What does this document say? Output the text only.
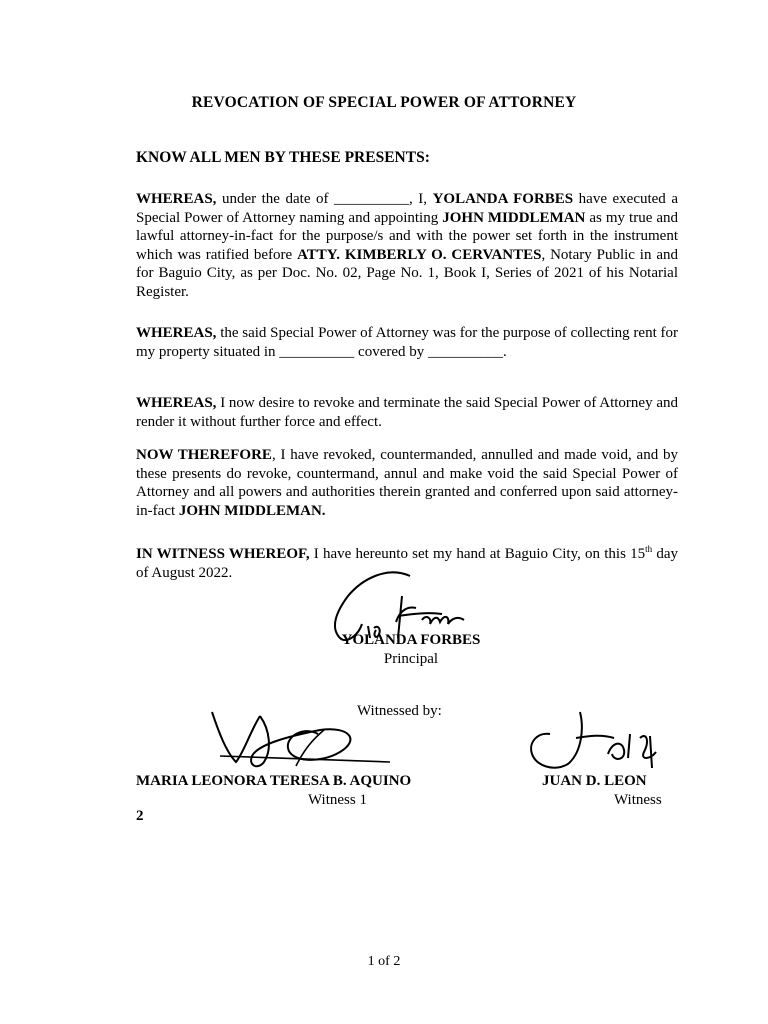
REVOCATION OF SPECIAL POWER OF ATTORNEY
KNOW ALL MEN BY THESE PRESENTS:

WHEREAS, under the date of __________, I, YOLANDA FORBES have executed a Special Power of Attorney naming and appointing JOHN MIDDLEMAN as my true and lawful attorney-in-fact for the purpose/s and with the power set forth in the instrument which was ratified before ATTY. KIMBERLY O. CERVANTES, Notary Public in and for Baguio City, as per Doc. No. 02, Page No. 1, Book I, Series of 2021 of his Notarial Register.

WHEREAS, the said Special Power of Attorney was for the purpose of collecting rent for my property situated in __________ covered by __________.

WHEREAS, I now desire to revoke and terminate the said Special Power of Attorney and render it without further force and effect.

NOW THEREFORE, I have revoked, countermanded, annulled and made void, and by these presents do revoke, countermand, annul and make void the said Special Power of Attorney and all powers and authorities therein granted and conferred upon said attorney-in-fact JOHN MIDDLEMAN.

IN WITNESS WHEREOF, I have hereunto set my hand at Baguio City, on this 15th day of August 2022.

YOLANDA FORBES
Principal
Witnessed by:
MARIA LEONORA TERESA B. AQUINO
Witness 1
JUAN D. LEON
Witness
2
1 of 2
